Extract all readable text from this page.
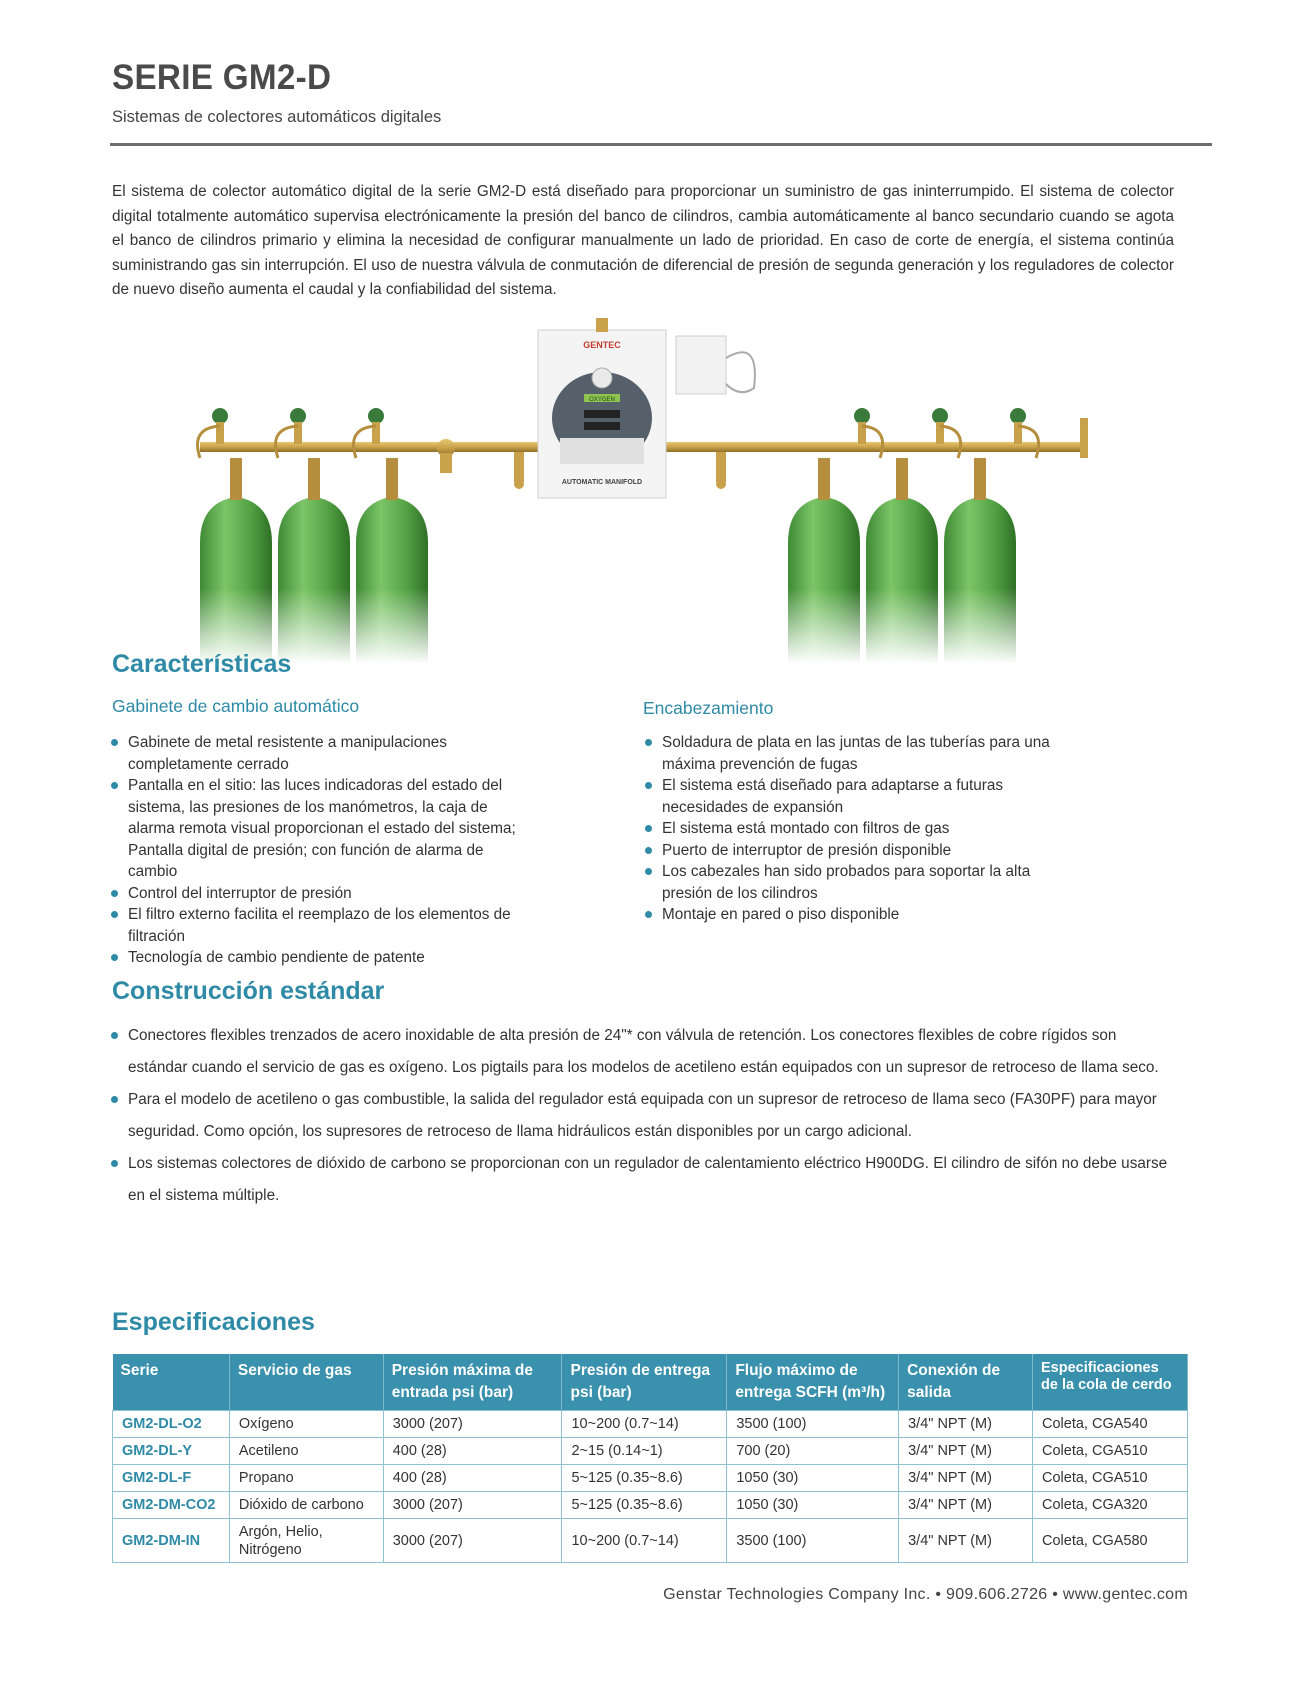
SERIE GM2-D
Sistemas de colectores automáticos digitales
El sistema de colector automático digital de la serie GM2-D está diseñado para proporcionar un suministro de gas ininterrumpido. El sistema de colector digital totalmente automático supervisa electrónicamente la presión del banco de cilindros, cambia automáticamente al banco secundario cuando se agota el banco de cilindros primario y elimina la necesidad de configurar manualmente un lado de prioridad. En caso de corte de energía, el sistema continúa suministrando gas sin interrupción. El uso de nuestra válvula de conmutación de diferencial de presión de segunda generación y los reguladores de colector de nuevo diseño aumenta el caudal y la confiabilidad del sistema.
GENTEC
OXYGEN
AUTOMATIC MANIFOLD
Características
Gabinete de cambio automático	Encabezamiento
Gabinete de metal resistente a manipulaciones completamente cerrado
Pantalla en el sitio: las luces indicadoras del estado del sistema, las presiones de los manómetros, la caja de alarma remota visual proporcionan el estado del sistema; Pantalla digital de presión; con función de alarma de cambio
Control del interruptor de presión
El filtro externo facilita el reemplazo de los elementos de filtración
Tecnología de cambio pendiente de patente
Soldadura de plata en las juntas de las tuberías para una máxima prevención de fugas
El sistema está diseñado para adaptarse a futuras necesidades de expansión
El sistema está montado con filtros de gas
Puerto de interruptor de presión disponible
Los cabezales han sido probados para soportar la alta presión de los cilindros
Montaje en pared o piso disponible
Construcción estándar
Conectores flexibles trenzados de acero inoxidable de alta presión de 24"* con válvula de retención. Los conectores flexibles de cobre rígidos son estándar cuando el servicio de gas es oxígeno. Los pigtails para los modelos de acetileno están equipados con un supresor de retroceso de llama seco.
Para el modelo de acetileno o gas combustible, la salida del regulador está equipada con un supresor de retroceso de llama seco (FA30PF) para mayor seguridad. Como opción, los supresores de retroceso de llama hidráulicos están disponibles por un cargo adicional.
Los sistemas colectores de dióxido de carbono se proporcionan con un regulador de calentamiento eléctrico H900DG. El cilindro de sifón no debe usarse en el sistema múltiple.
Especificaciones
Serie	Servicio de gas	Presión máxima de entrada psi (bar)	Presión de entrega psi (bar)	Flujo máximo de entrega SCFH (m³/h)	Conexión de salida	Especificaciones de la cola de cerdo
GM2-DL-O2	Oxígeno	3000 (207)	10~200 (0.7~14)	3500 (100)	3/4" NPT (M)	Coleta, CGA540
GM2-DL-Y	Acetileno	400 (28)	2~15 (0.14~1)	700 (20)	3/4" NPT (M)	Coleta, CGA510
GM2-DL-F	Propano	400 (28)	5~125 (0.35~8.6)	1050 (30)	3/4" NPT (M)	Coleta, CGA510
GM2-DM-CO2	Dióxido de carbono	3000 (207)	5~125 (0.35~8.6)	1050 (30)	3/4" NPT (M)	Coleta, CGA320
GM2-DM-IN	Argón, Helio, Nitrógeno	3000 (207)	10~200 (0.7~14)	3500 (100)	3/4" NPT (M)	Coleta, CGA580
Genstar Technologies Company Inc. • 909.606.2726 • www.gentec.com
